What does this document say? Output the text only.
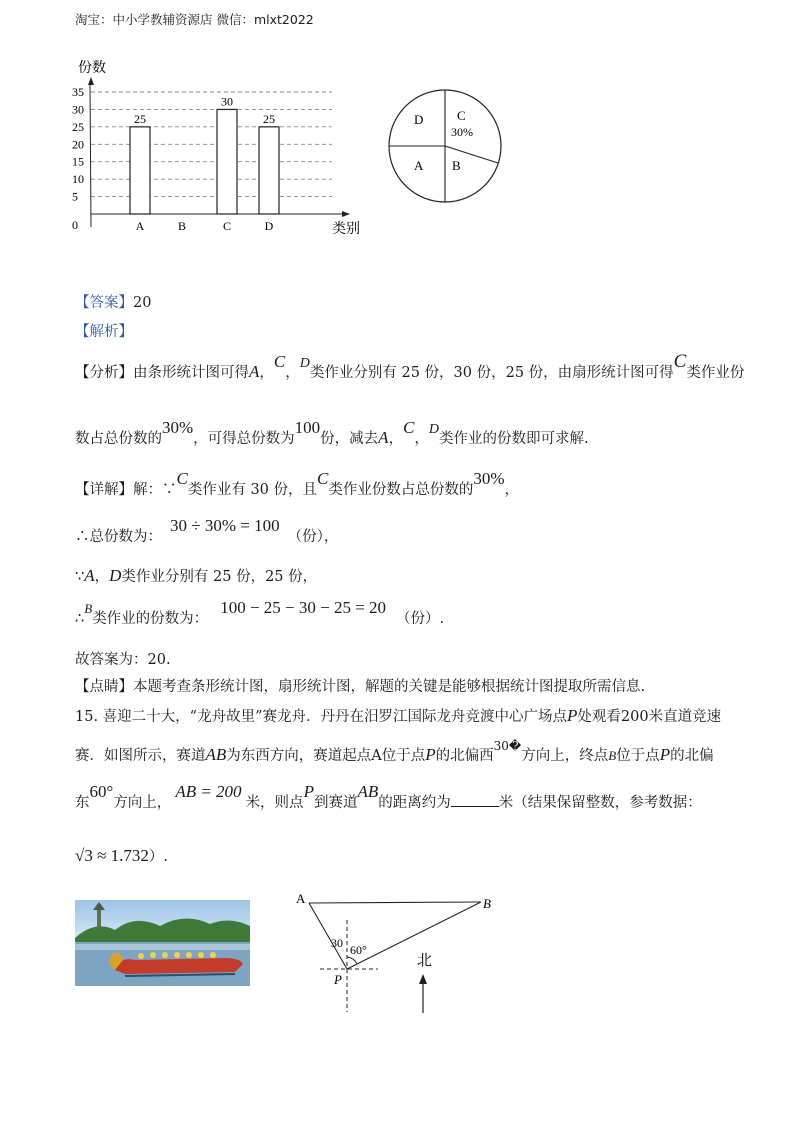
淘宝：中小学教辅资源店 微信：mlxt2022
份数
0
5
10
15
20
25
30
35
25
30
25
A	B	C	D	类别
D	C
30%
A B
【答案】20
【解析】
【分析】由条形统计图可得A，C，D类作业分别有 25 份，30 份，25 份，由扇形统计图可得C类作业份
数占总份数的30%，可得总份数为100份，减去A，C，D类作业的份数即可求解.
【详解】解：∵C类作业有 30 份，且C类作业份数占总份数的30%，
∴总份数为：30 ÷ 30% = 100（份），
∵A，D类作业分别有 25 份，25 份，
∴B类作业的份数为：100 − 25 − 30 − 25 = 20（份）.
故答案为：20.
【点睛】本题考查条形统计图，扇形统计图，解题的关键是能够根据统计图提取所需信息.
15. 喜迎二十大，“龙舟故里”赛龙舟．丹丹在汨罗江国际龙舟竞渡中心广场点P处观看200米直道竞速
赛．如图所示，赛道AB为东西方向，赛道起点A位于点P的北偏西$^{30�}$方向上，终点B位于点P的北偏
东60°方向上，AB = 200米，则点P到赛道AB的距离约为	米（结果保留整数，参考数据：
√3 ≈ 1.732）.
A	B
P
30 60°
北
